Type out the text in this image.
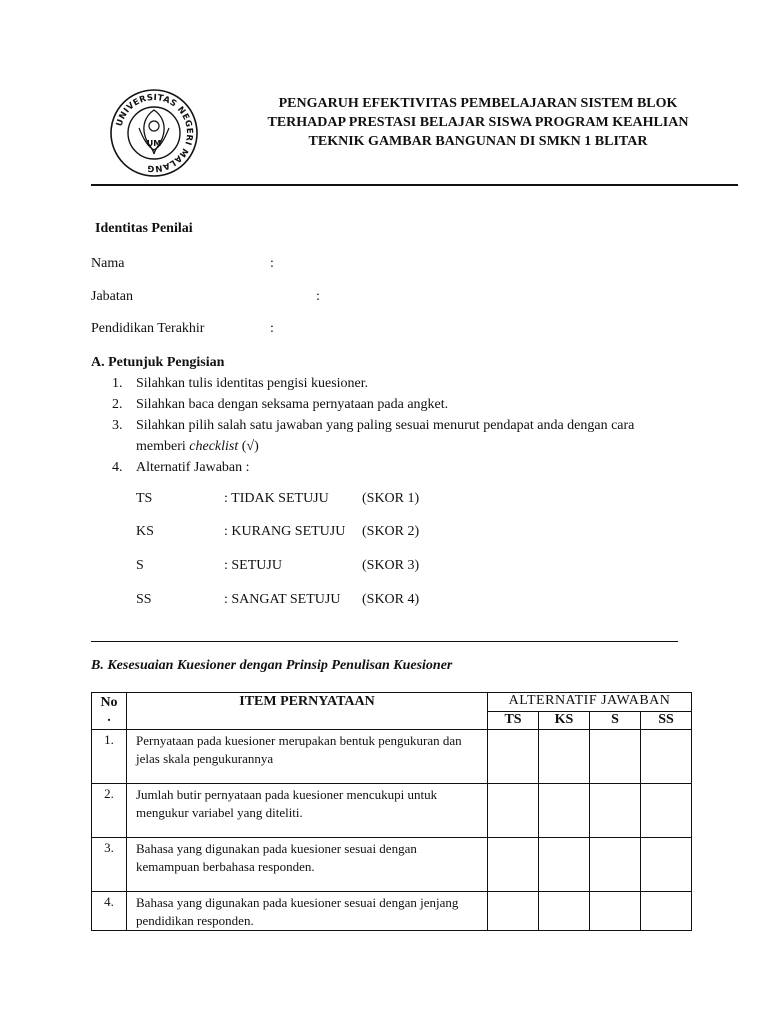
UNIVERSITAS NEGERI MALANG
UM
PENGARUH EFEKTIVITAS PEMBELAJARAN SISTEM BLOK
TERHADAP PRESTASI BELAJAR SISWA PROGRAM KEAHLIAN
TEKNIK GAMBAR BANGUNAN DI SMKN 1 BLITAR
Identitas Penilai
Nama	:
Jabatan	:
Pendidikan Terakhir	:
A. Petunjuk Pengisian
1. Silahkan tulis identitas pengisi kuesioner.
2. Silahkan baca dengan seksama pernyataan pada angket.
3. Silahkan pilih salah satu jawaban yang paling sesuai menurut pendapat anda dengan cara
memberi checklist (√)
4. Alternatif Jawaban :
TS	: TIDAK SETUJU (SKOR 1)
KS	: KURANG SETUJU (SKOR 2)
S	: SETUJU	(SKOR 3)
SS	: SANGAT SETUJU (SKOR 4)
B. Kesesuaian Kuesioner dengan Prinsip Penulisan Kuesioner
No
.	ITEM PERNYATAAN	ALTERNATIF JAWABAN			
		TS	KS	S	SS
1.	Pernyataan pada kuesioner merupakan bentuk pengukuran dan jelas skala pengukurannya				
2.	Jumlah butir pernyataan pada kuesioner mencukupi untuk mengukur variabel yang diteliti.				
3.	Bahasa yang digunakan pada kuesioner sesuai dengan kemampuan berbahasa responden.				
4.	Bahasa yang digunakan pada kuesioner sesuai dengan jenjang pendidikan responden.				
